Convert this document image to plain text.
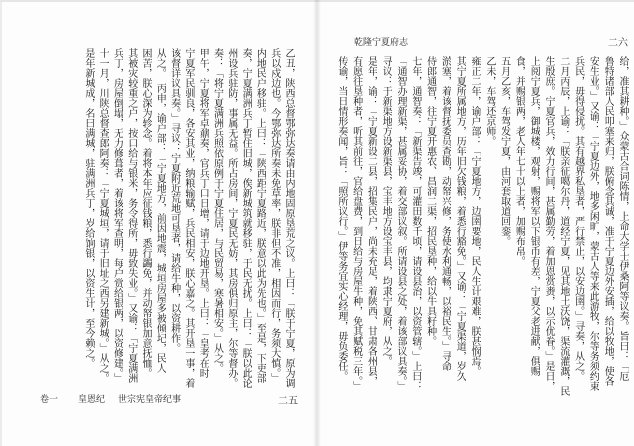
乾隆宁夏府志	二六
乙丑，陕西总督鄂弥达奏请由内地固原垦荒之议。上曰：「朕于宁夏，原为调
兵以戍边也。今鄂弥达所奏未免草率，朕非但不准，相因而行，务须大慎。」
内地民户移驻。上曰：「陕西距宁夏路近，朕意以此为先也。」至是，下吏部
奏，宁夏满洲兵丁暂住旧城，俟新城筑就移驻，于民无扰。上曰：「朕以此论
州设兵驻防，事属无益。所占房间，宁夏民无妨，其房俱归原主，尔等督办。
奏：「将宁夏满洲兵照依原例于宁夏住居，与民贸易，寒暑相安。」从之。
甲午，宁夏将军卓鼐奏，官兵丁口日增，请于边地开垦。上曰：「皇考在时
宁夏军民驯良，各安其业，纳粮输赋，兵民相安，朕心嘉之。其开垦一事，着
该督详议具奏。」寻议：宁夏附近荒地可垦者，请给牛种，以资耕作。
从之。　丙申，谕户部：「宁夏地方，前因地震，城垣房屋多被倾圮，民人
困苦，朕心深为轸念。着将本年应征钱粮，悉行蠲免，并动帑银加意抚恤。
其被灾较重之户，按口给与银米，务令得所，毋致失业。」又谕：「宁夏满洲
兵丁，房屋倒塌，无力修葺者，着该将军查明，每户赏给银两，以资修建。」
十一月，川陕总督查郎阿奏：「宁夏城垣，请于旧址之西另建新城。」从之。
是年新城成，名曰满城，驻满洲兵丁，岁给饷银，以资生计，至今赖之。	给，准其耕种。」众蒙古合词陈情，上命大学士伊桑阿等议奏。旨曰：「厄
鲁特诸部人民叩塞来归，朕俯念其诚，准于宁夏边外安插，给以牧地，使各
安生业。」又谕：「宁夏边外，地多闲旷，蒙古人等来此游牧，尔等务须约束
兵民，毋得侵扰。其有越界私垦者，严行禁止，以安边圉。」寻奏，从之。
二月丙辰，上谕：「朕亲征噶尔丹，道经宁夏，见其地土沃饶，渠流灌溉，民
生殷庶。宁夏官兵，效力行间，甚属勤劳，着加恩赏赉，以示优眷。」是日，
上阅宁夏兵，御城楼，观射，赐将军以下银币有差，宁夏父老进献，俱赐
食，并赐银两，老人年七十以上者，加赐布帛。
五月乙亥，车驾发宁夏，由河套取道回銮。
乙未，车驾还京师。
雍正二年，谕户部：「宁夏地方，边圉要地，民人生计艰难，朕甚悯焉。
其宁夏所属地方，历年旧欠钱粮，着悉行豁免。」又谕：「宁夏渠道，岁久
淤塞，着该督抚委员查勘，动帑兴修，务使水利通畅，以裕民生。」寻命
侍郎通智，往宁夏开惠农、昌润二渠，招民垦种，给以牛具籽种。
七年，通智奏：「新渠告竣，可灌田数千顷，请设县治，以资管辖。」上曰：
「通智办理新渠，甚属妥协，着交部议叙。所请设县之处，着该部议具奏。」
寻议：于新渠地方设新渠县，宝丰地方设宝丰县，均隶宁夏府，从之。
是年，谕：「宁夏新设二县，招集民户，尚未充足，着陕西、甘肃各州县，
有愿往垦种者，听其前往，官给盘费，到日给与房屋牛种，免其赋税三年。」
传谕，当日情形奏闻，旨：「照所议行。」伊等务宜实心经理，毋负委任。
卷一 皇恩纪 世宗宪皇帝纪事	二五
